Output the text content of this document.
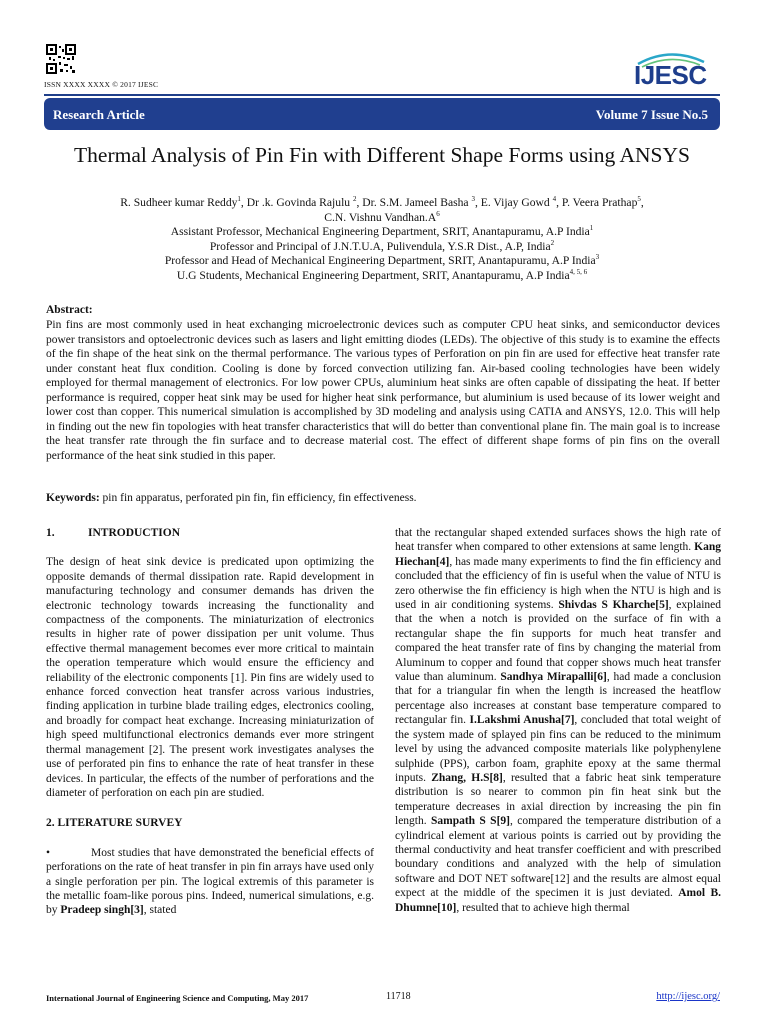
ISSN XXXX XXXX © 2017 IJESC	IJESC
Research Article	Volume 7 Issue No.5
Thermal Analysis of Pin Fin with Different Shape Forms using ANSYS
R. Sudheer kumar Reddy$^1$, Dr .k. Govinda Rajulu $^2$, Dr. S.M. Jameel Basha $^3$, E. Vijay Gowd $^4$, P. Veera Prathap$^5$,
C.N. Vishnu $Vandhan.A^6$
Assistant Professor, Mechanical Engineering Department, SRIT, Anantapuramu, A.P India$^1$
Professor and Principal of J.N.T.U.A, Pulivendula, Y.S.R Dist., A.P, India$^2$
Professor and Head of Mechanical Engineering Department, SRIT, Anantapuramu, A.P India$^3$
U.G Students, Mechanical Engineering Department, SRIT, Anantapuramu, A.P India$^{4, 5, 6}$
Abstract:
Pin fins are most commonly used in heat exchanging microelectronic devices such as computer CPU heat sinks, and semiconductor devices power transistors and optoelectronic devices such as lasers and light emitting diodes (LEDs). The objective of this study is to examine the effects of the fin shape of the heat sink on the thermal performance. The various types of Perforation on pin fin are used for effective heat transfer rate under constant heat flux condition. Cooling is done by forced convection utilizing fan. Air-based cooling technologies have been widely employed for thermal management of electronics. For low power CPUs, aluminium heat sinks are often capable of dissipating the heat. If better performance is required, copper heat sink may be used for higher heat sink performance, but aluminium is used because of its lower weight and lower cost than copper. This numerical simulation is accomplished by 3D modeling and analysis using CATIA and ANSYS, 12.0. This will help in finding out the new fin topologies with heat transfer characteristics that will do better than conventional plane fin. The main goal is to increase the heat transfer rate through the fin surface and to decrease material cost. The effect of different shape forms of pin fins on the overall performance of the heat sink studied in this paper.
Keywords: pin fin apparatus, perforated pin fin, fin efficiency, fin effectiveness.
1.	INTRODUCTION
The design of heat sink device is predicated upon optimizing the opposite demands of thermal dissipation rate. Rapid development in manufacturing technology and consumer demands has driven the electronic technology towards increasing the functionality and compactness of the components. The miniaturization of electronics results in higher rate of power dissipation per unit volume. Thus effective thermal management becomes ever more critical to maintain the operation temperature which would ensure the efficiency and reliability of the electronic components [1]. Pin fins are widely used to enhance forced convection heat transfer across various industries, finding application in turbine blade trailing edges, electronics cooling, and broadly for compact heat exchange. Increasing miniaturization of high speed multifunctional electronics demands ever more stringent thermal management [2]. The present work investigates analyses the use of perforated pin fins to enhance the rate of heat transfer in these devices. In particular, the effects of the number of perforations and the diameter of perforation on each pin are studied.
2. LITERATURE SURVEY
•	Most studies that have demonstrated the beneficial effects of perforations on the rate of heat transfer in pin fin arrays have used only a single perforation per pin. The logical extremis of this parameter is the metallic foam-like porous pins. Indeed, numerical simulations, e.g. by Pradeep singh[3], stated
that the rectangular shaped extended surfaces shows the high rate of heat transfer when compared to other extensions at same length. Kang Hiechan[4], has made many experiments to find the fin efficiency and concluded that the efficiency of fin is useful when the value of NTU is zero otherwise the fin efficiency is high when the NTU is high and is used in air conditioning systems. Shivdas S Kharche[5], explained that the when a notch is provided on the surface of fin with a rectangular shape the fin supports for much heat transfer and compared the heat transfer rate of fins by changing the material from Aluminum to copper and found that copper shows much heat transfer value than aluminum. Sandhya Mirapalli[6], had made a conclusion that for a triangular fin when the length is increased the heatflow percentage also increases at constant base temperature compared to rectangular fin. I.Lakshmi Anusha[7], concluded that total weight of the system made of splayed pin fins can be reduced to the minimum level by using the advanced composite materials like polyphenylene sulphide (PPS), carbon foam, graphite epoxy at the same thermal inputs. Zhang, H.S[8], resulted that a fabric heat sink temperature distribution is so nearer to common pin fin heat sink but the temperature decreases in axial direction by increasing the pin fin length. Sampath S S[9], compared the temperature distribution of a cylindrical element at various points is carried out by providing the thermal conductivity and heat transfer coefficient and with prescribed boundary conditions and analyzed with the help of simulation software and DOT NET software[12] and the results are almost equal expect at the middle of the specimen it is just deviated. Amol B. Dhumne[10], resulted that to achieve high thermal
International Journal of Engineering Science and Computing, May 2017	11718	http://ijesc.org/
